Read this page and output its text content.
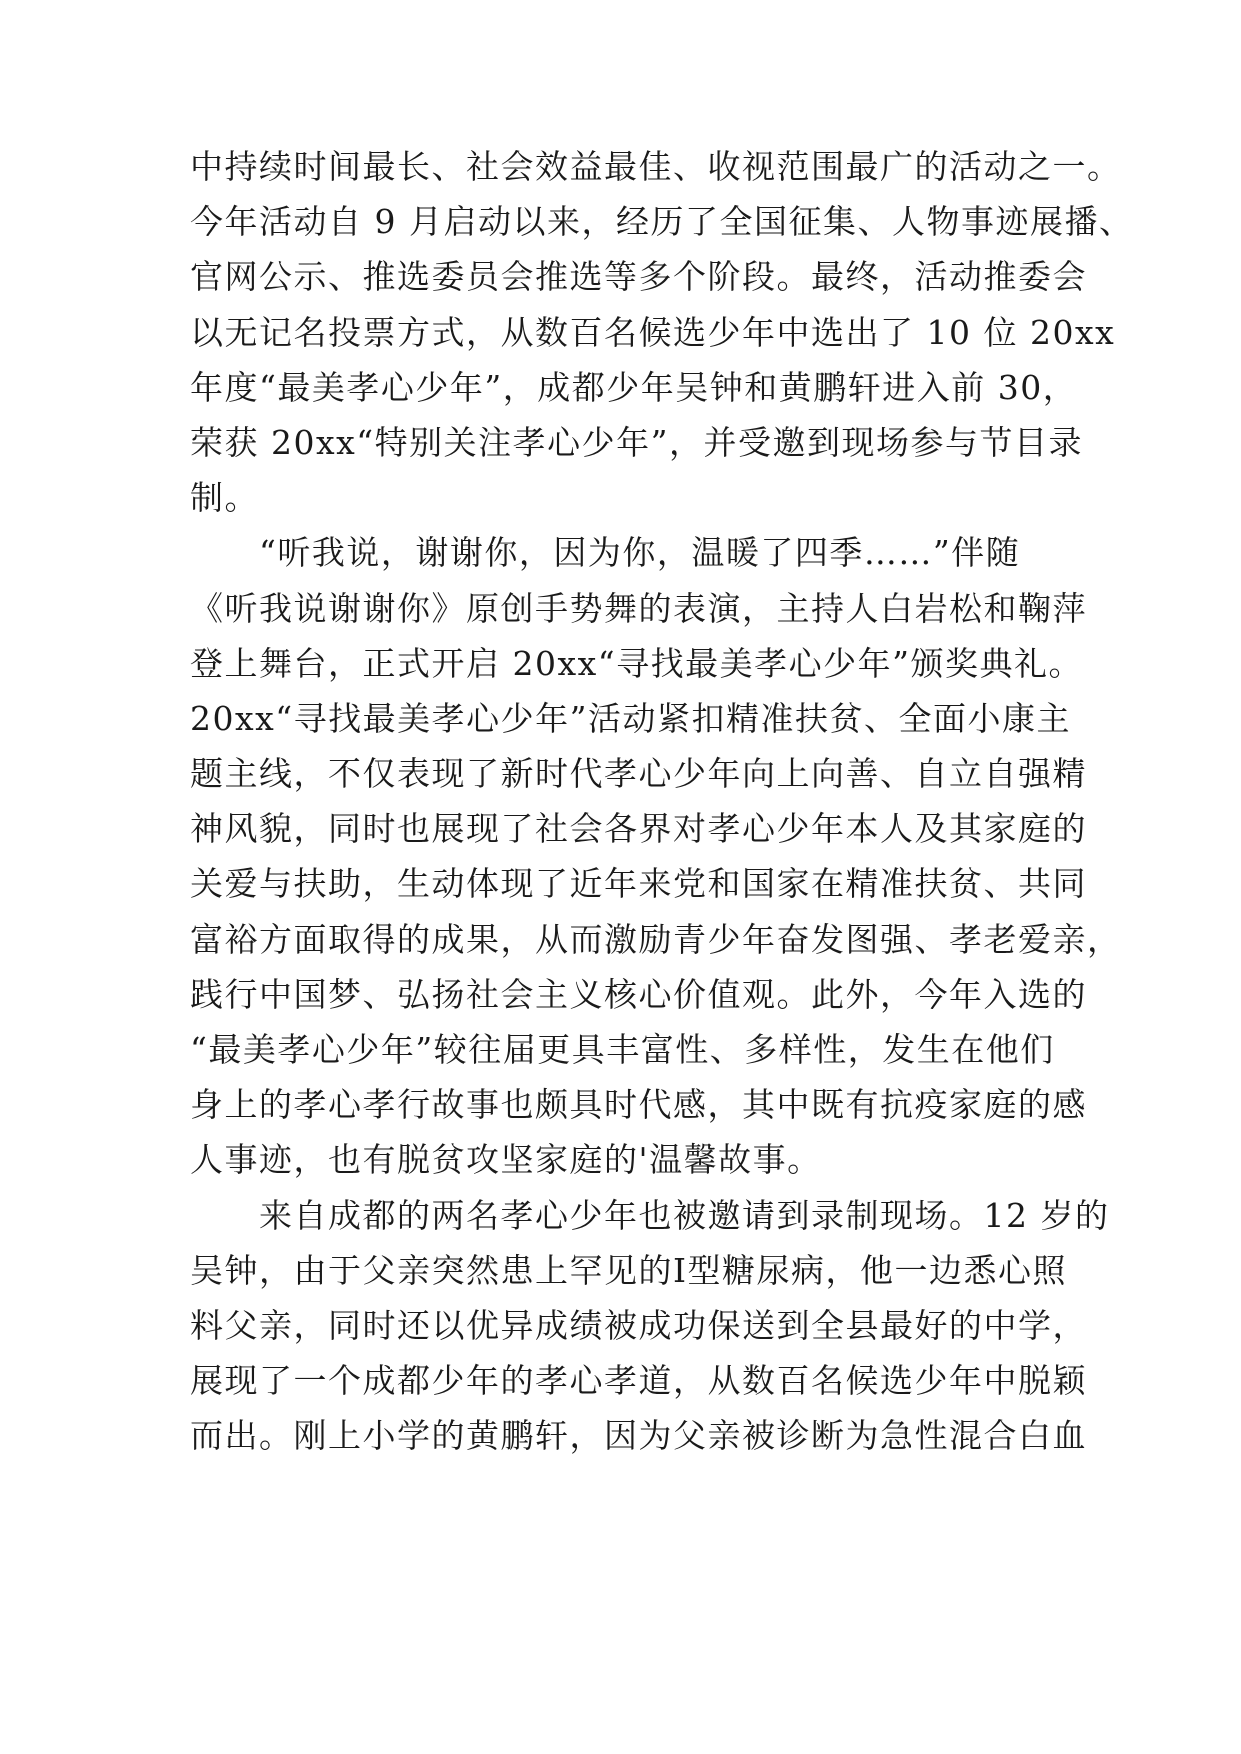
中持续时间最长、社会效益最佳、收视范围最广的活动之一。
今年活动自 9 月启动以来，经历了全国征集、人物事迹展播、
官网公示、推选委员会推选等多个阶段。最终，活动推委会
以无记名投票方式，从数百名候选少年中选出了 10 位 20xx
年度“最美孝心少年”，成都少年吴钟和黄鹏轩进入前 30，
荣获 20xx“特别关注孝心少年”，并受邀到现场参与节目录
制。
　　“听我说，谢谢你，因为你，温暖了四季……”伴随
《听我说谢谢你》原创手势舞的表演，主持人白岩松和鞠萍
登上舞台，正式开启 20xx“寻找最美孝心少年”颁奖典礼。
20xx“寻找最美孝心少年”活动紧扣精准扶贫、全面小康主
题主线，不仅表现了新时代孝心少年向上向善、自立自强精
神风貌，同时也展现了社会各界对孝心少年本人及其家庭的
关爱与扶助，生动体现了近年来党和国家在精准扶贫、共同
富裕方面取得的成果，从而激励青少年奋发图强、孝老爱亲，
践行中国梦、弘扬社会主义核心价值观。此外，今年入选的
“最美孝心少年”较往届更具丰富性、多样性，发生在他们
身上的孝心孝行故事也颇具时代感，其中既有抗疫家庭的感
人事迹，也有脱贫攻坚家庭的'温馨故事。
　　来自成都的两名孝心少年也被邀请到录制现场。12 岁的
吴钟，由于父亲突然患上罕见的Ⅰ型糖尿病，他一边悉心照
料父亲，同时还以优异成绩被成功保送到全县最好的中学，
展现了一个成都少年的孝心孝道，从数百名候选少年中脱颖
而出。刚上小学的黄鹏轩，因为父亲被诊断为急性混合白血
